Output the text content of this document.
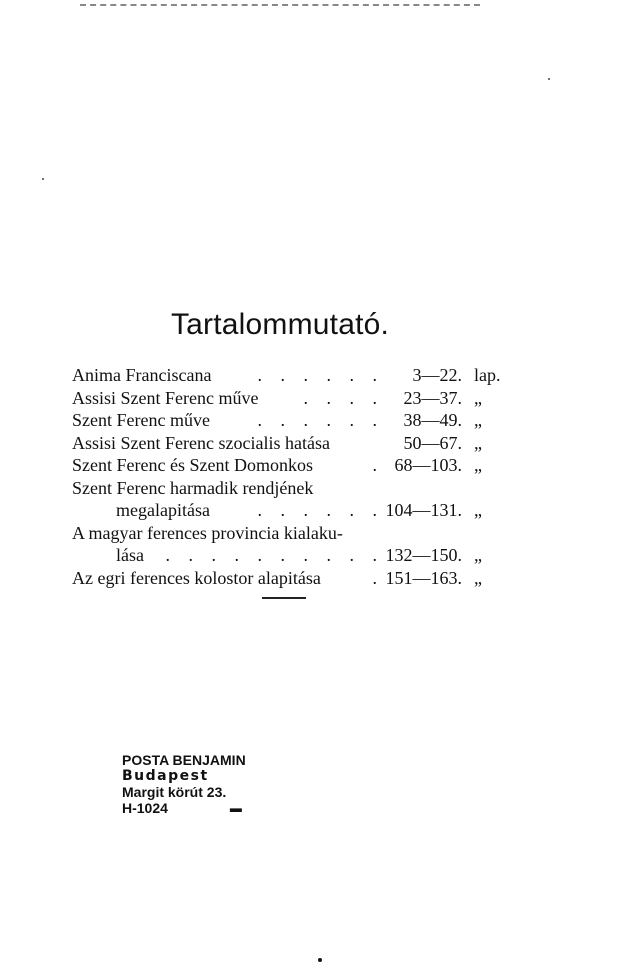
Tartalommutató.
Anima Franciscana	. . . . . .	3—22. lap.
Assisi Szent Ferenc műve	. . . .	23—37. „
Szent Ferenc műve	. . . . . .	38—49. „
Assisi Szent Ferenc szocialis hatása	50—67. „
Szent Ferenc és Szent Domonkos	. 68—103. „
Szent Ferenc harmadik rendjének
megalapitása	. . . . . . 104—131. „
A magyar ferences provincia kialaku-
lása	. . . . . . . . . . 132—150. „
Az egri ferences kolostor alapitása	. 151—163. „
POSTA BENJAMIN
Budapest
Margit körút 23.
H-1024	▬
